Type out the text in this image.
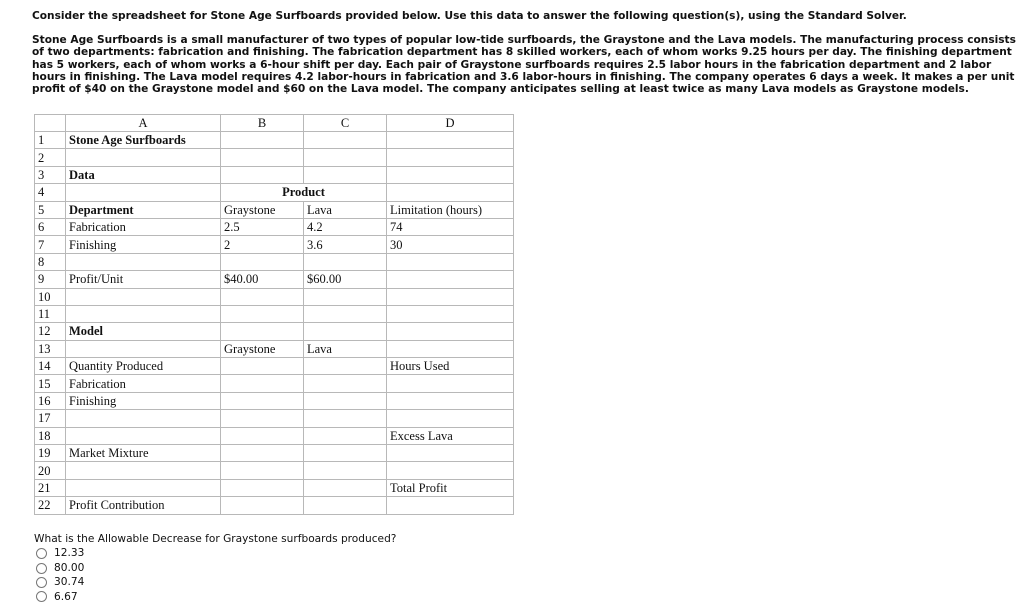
Consider the spreadsheet for Stone Age Surfboards provided below. Use this data to answer the following question(s), using the Standard Solver.

Stone Age Surfboards is a small manufacturer of two types of popular low-tide surfboards, the Graystone and the Lava models. The manufacturing process consists of two departments: fabrication and finishing. The fabrication department has 8 skilled workers, each of whom works 9.25 hours per day. The finishing department has 5 workers, each of whom works a 6-hour shift per day. Each pair of Graystone surfboards requires 2.5 labor hours in the fabrication department and 2 labor hours in finishing. The Lava model requires 4.2 labor-hours in fabrication and 3.6 labor-hours in finishing. The company operates 6 days a week. It makes a per unit profit of $40 on the Graystone model and $60 on the Lava model. The company anticipates selling at least twice as many Lava models as Graystone models.

	A	B	C	D
1	Stone Age Surfboards			
2				
3	Data			
4		Product		
5	Department	Graystone	Lava	Limitation (hours)
6	Fabrication	2.5	4.2	74
7	Finishing	2	3.6	30
8				
9	Profit/Unit	$40.00	$60.00	
10				
11				
12	Model			
13		Graystone	Lava	
14	Quantity Produced			Hours Used
15	Fabrication			
16	Finishing			
17				
18				Excess Lava
19	Market Mixture			
20				
21				Total Profit
22	Profit Contribution			

What is the Allowable Decrease for Graystone surfboards produced?

12.33
80.00
30.74
6.67
